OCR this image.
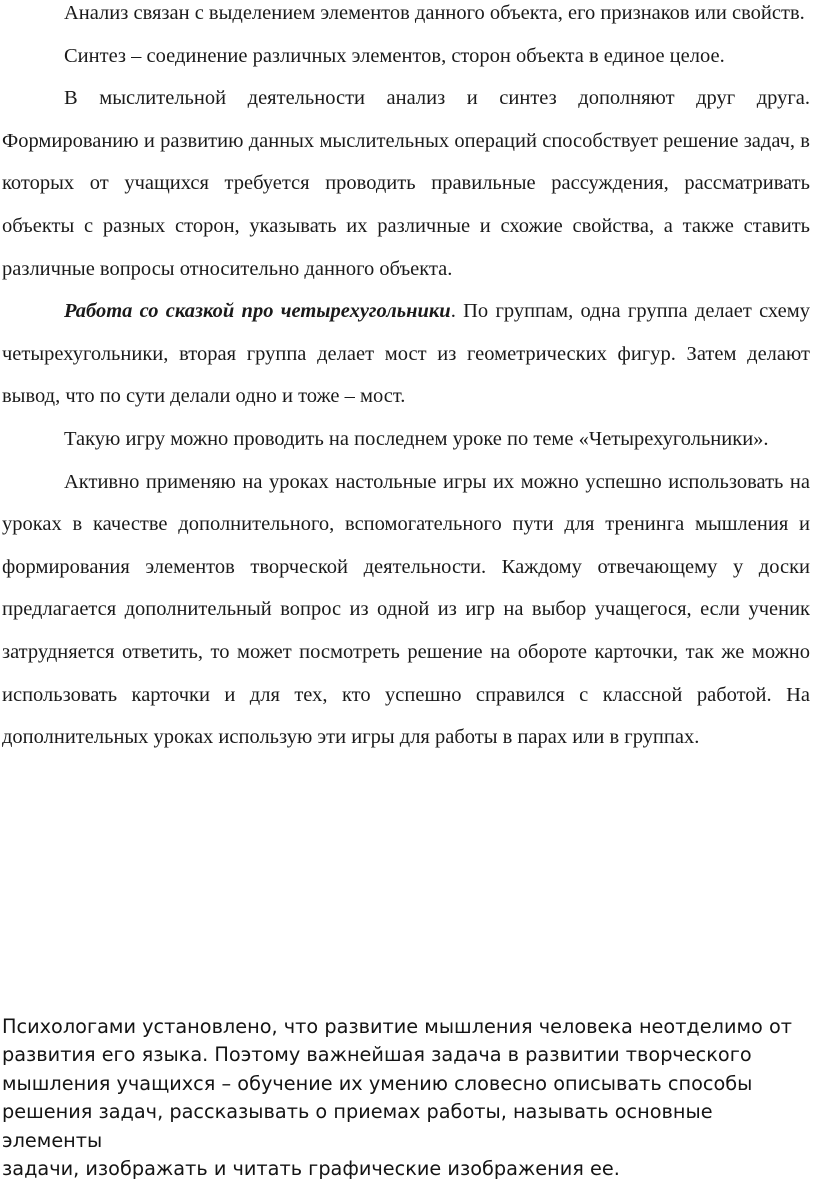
Анализ связан с выделением элементов данного объекта, его признаков или свойств.

Синтез – соединение различных элементов, сторон объекта в единое целое.

В мыслительной деятельности анализ и синтез дополняют друг друга. Формированию и развитию данных мыслительных операций способствует решение задач, в которых от учащихся требуется проводить правильные рассуждения, рассматривать объекты с разных сторон, указывать их различные и схожие свойства, а также ставить различные вопросы относительно данного объекта.

Работа со сказкой про четырехугольники. По группам, одна группа делает схему четырехугольники, вторая группа делает мост из геометрических фигур. Затем делают вывод, что по сути делали одно и тоже – мост.

Такую игру можно проводить на последнем уроке по теме «Четырехугольники».

Активно применяю на уроках настольные игры их можно успешно использовать на уроках в качестве дополнительного, вспомогательного пути для тренинга мышления и формирования элементов творческой деятельности. Каждому отвечающему у доски предлагается дополнительный вопрос из одной из игр на выбор учащегося, если ученик затрудняется ответить, то может посмотреть решение на обороте карточки, так же можно использовать карточки и для тех, кто успешно справился с классной работой. На дополнительных уроках использую эти игры для работы в парах или в группах.

Психологами установлено, что развитие мышления человека неотделимо от
развития его языка. Поэтому важнейшая задача в развитии творческого
мышления учащихся – обучение их умению словесно описывать способы
решения задач, рассказывать о приемах работы, называть основные элементы
задачи, изображать и читать графические изображения ее.
